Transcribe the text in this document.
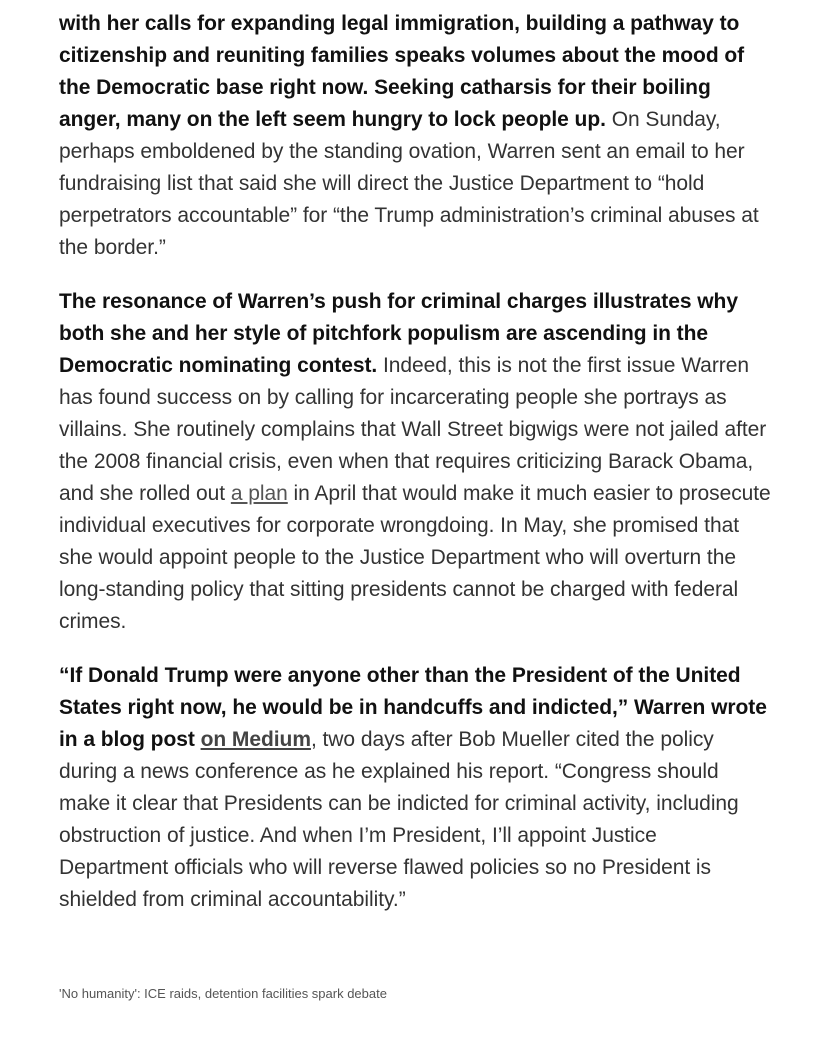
with her calls for expanding legal immigration, building a pathway to citizenship and reuniting families speaks volumes about the mood of the Democratic base right now. Seeking catharsis for their boiling anger, many on the left seem hungry to lock people up. On Sunday, perhaps emboldened by the standing ovation, Warren sent an email to her fundraising list that said she will direct the Justice Department to “hold perpetrators accountable” for “the Trump administration’s criminal abuses at the border.”

The resonance of Warren’s push for criminal charges illustrates why both she and her style of pitchfork populism are ascending in the Democratic nominating contest. Indeed, this is not the first issue Warren has found success on by calling for incarcerating people she portrays as villains. She routinely complains that Wall Street bigwigs were not jailed after the 2008 financial crisis, even when that requires criticizing Barack Obama, and she rolled out a plan in April that would make it much easier to prosecute individual executives for corporate wrongdoing. In May, she promised that she would appoint people to the Justice Department who will overturn the long-standing policy that sitting presidents cannot be charged with federal crimes.

“If Donald Trump were anyone other than the President of the United States right now, he would be in handcuffs and indicted,” Warren wrote in a blog post on Medium, two days after Bob Mueller cited the policy during a news conference as he explained his report. “Congress should make it clear that Presidents can be indicted for criminal activity, including obstruction of justice. And when I’m President, I’ll appoint Justice Department officials who will reverse flawed policies so no President is shielded from criminal accountability.”

'No humanity': ICE raids, detention facilities spark debate
